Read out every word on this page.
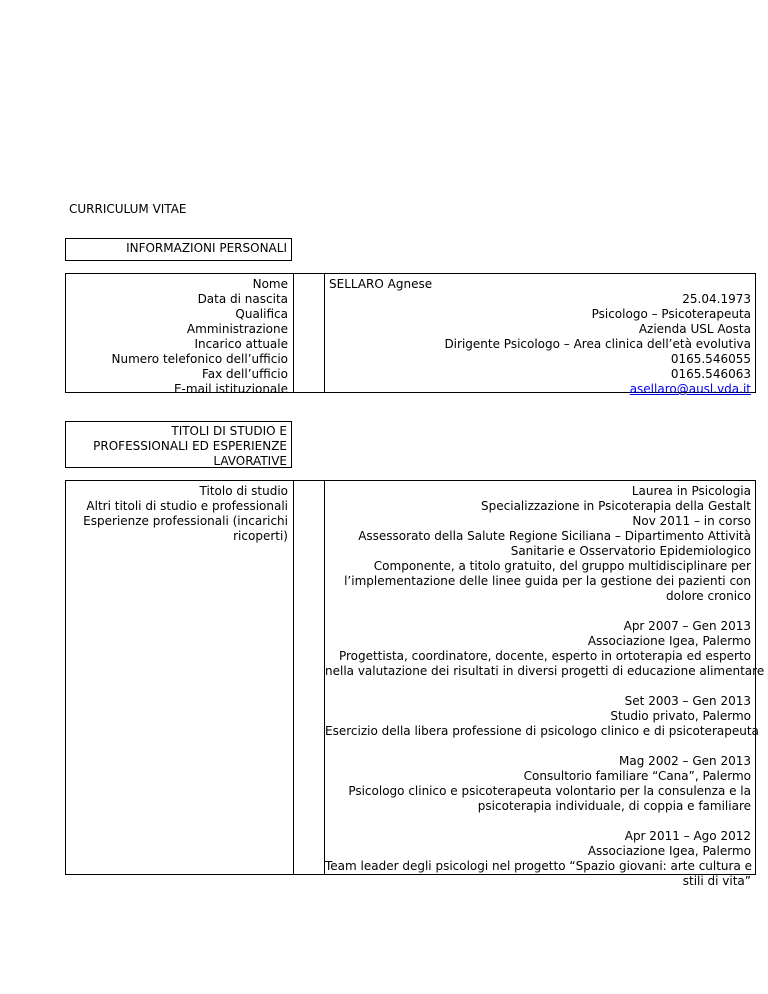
CURRICULUM VITAE
INFORMAZIONI PERSONALI
Nome
Data di nascita
Qualifica
Amministrazione
Incarico attuale
Numero telefonico dell’ufficio
Fax dell’ufficio
E-mail istituzionale
SELLARO Agnese
25.04.1973
Psicologo – Psicoterapeuta
Azienda USL Aosta
Dirigente Psicologo – Area clinica dell’età evolutiva
0165.546055
0165.546063
asellaro@ausl.vda.it
TITOLI DI STUDIO E
PROFESSIONALI ED ESPERIENZE
LAVORATIVE
Titolo di studio
Altri titoli di studio e professionali
Esperienze professionali (incarichi
ricoperti)
Laurea in Psicologia
Specializzazione in Psicoterapia della Gestalt
Nov 2011 – in corso
Assessorato della Salute Regione Siciliana – Dipartimento Attività
Sanitarie e Osservatorio Epidemiologico
Componente, a titolo gratuito, del gruppo multidisciplinare per
l’implementazione delle linee guida per la gestione dei pazienti con
dolore cronico
Apr 2007 – Gen 2013
Associazione Igea, Palermo
Progettista, coordinatore, docente, esperto in ortoterapia ed esperto
nella valutazione dei risultati in diversi progetti di educazione alimentare
Set 2003 – Gen 2013
Studio privato, Palermo
Esercizio della libera professione di psicologo clinico e di psicoterapeuta
Mag 2002 – Gen 2013
Consultorio familiare “Cana”, Palermo
Psicologo clinico e psicoterapeuta volontario per la consulenza e la
psicoterapia individuale, di coppia e familiare
Apr 2011 – Ago 2012
Associazione Igea, Palermo
Team leader degli psicologi nel progetto “Spazio giovani: arte cultura e
stili di vita”
